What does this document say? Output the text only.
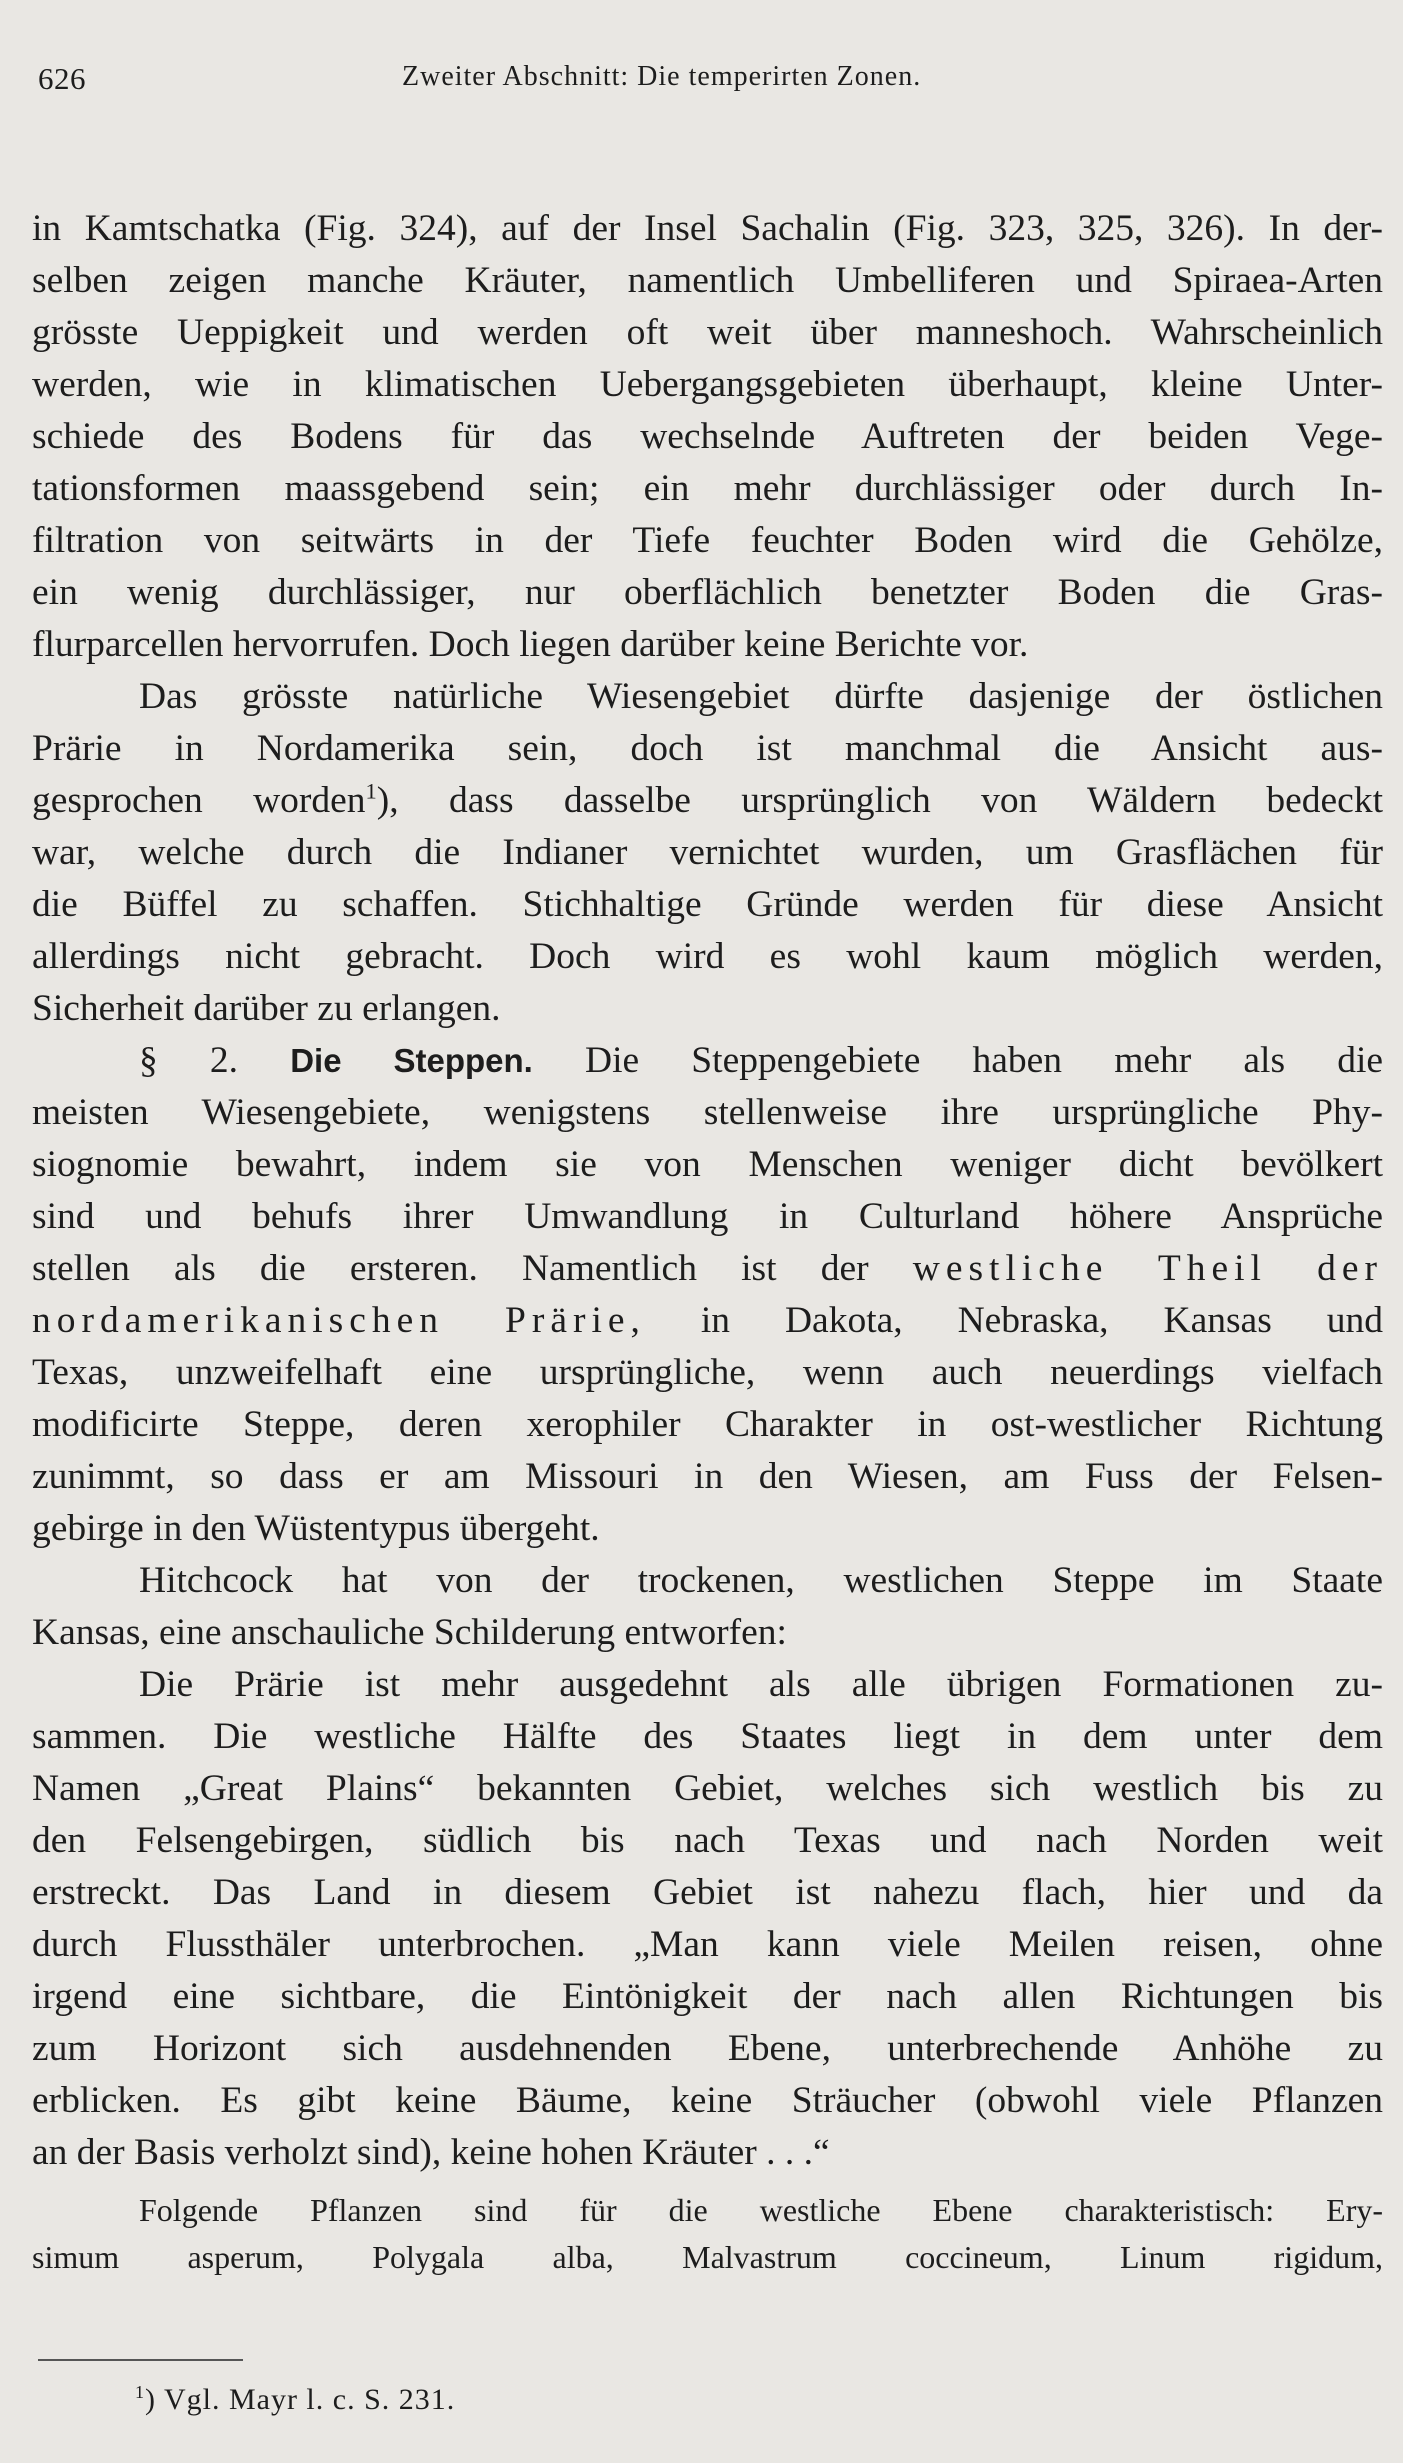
626	Zweiter Abschnitt: Die temperirten Zonen.

in Kamtschatka (Fig. 324), auf der Insel Sachalin (Fig. 323, 325, 326). In der-
selben zeigen manche Kräuter, namentlich Umbelliferen und Spiraea-Arten
grösste Ueppigkeit und werden oft weit über manneshoch. Wahrscheinlich
werden, wie in klimatischen Uebergangsgebieten überhaupt, kleine Unter-
schiede des Bodens für das wechselnde Auftreten der beiden Vege-
tationsformen maassgebend sein; ein mehr durchlässiger oder durch In-
filtration von seitwärts in der Tiefe feuchter Boden wird die Gehölze,
ein wenig durchlässiger, nur oberflächlich benetzter Boden die Gras-
flurparcellen hervorrufen. Doch liegen darüber keine Berichte vor.

Das grösste natürliche Wiesengebiet dürfte dasjenige der östlichen
Prärie in Nordamerika sein, doch ist manchmal die Ansicht aus-
gesprochen worden$^1$), dass dasselbe ursprünglich von Wäldern bedeckt
war, welche durch die Indianer vernichtet wurden, um Grasflächen für
die Büffel zu schaffen. Stichhaltige Gründe werden für diese Ansicht
allerdings nicht gebracht. Doch wird es wohl kaum möglich werden,
Sicherheit darüber zu erlangen.

§ 2. Die Steppen. Die Steppengebiete haben mehr als die
meisten Wiesengebiete, wenigstens stellenweise ihre ursprüngliche Phy-
siognomie bewahrt, indem sie von Menschen weniger dicht bevölkert
sind und behufs ihrer Umwandlung in Culturland höhere Ansprüche
stellen als die ersteren. Namentlich ist der westliche Theil der
nordamerikanischen Prärie, in Dakota, Nebraska, Kansas und
Texas, unzweifelhaft eine ursprüngliche, wenn auch neuerdings vielfach
modificirte Steppe, deren xerophiler Charakter in ost-westlicher Richtung
zunimmt, so dass er am Missouri in den Wiesen, am Fuss der Felsen-
gebirge in den Wüstentypus übergeht.

Hitchcock hat von der trockenen, westlichen Steppe im Staate
Kansas, eine anschauliche Schilderung entworfen:

Die Prärie ist mehr ausgedehnt als alle übrigen Formationen zu-
sammen. Die westliche Hälfte des Staates liegt in dem unter dem
Namen „Great Plains“ bekannten Gebiet, welches sich westlich bis zu
den Felsengebirgen, südlich bis nach Texas und nach Norden weit
erstreckt. Das Land in diesem Gebiet ist nahezu flach, hier und da
durch Flussthäler unterbrochen. „Man kann viele Meilen reisen, ohne
irgend eine sichtbare, die Eintönigkeit der nach allen Richtungen bis
zum Horizont sich ausdehnenden Ebene, unterbrechende Anhöhe zu
erblicken. Es gibt keine Bäume, keine Sträucher (obwohl viele Pflanzen
an der Basis verholzt sind), keine hohen Kräuter . . .“

Folgende Pflanzen sind für die westliche Ebene charakteristisch: Ery-
simum asperum, Polygala alba, Malvastrum coccineum, Linum rigidum,

$^1$) Vgl. Mayr l. c. S. 231.
